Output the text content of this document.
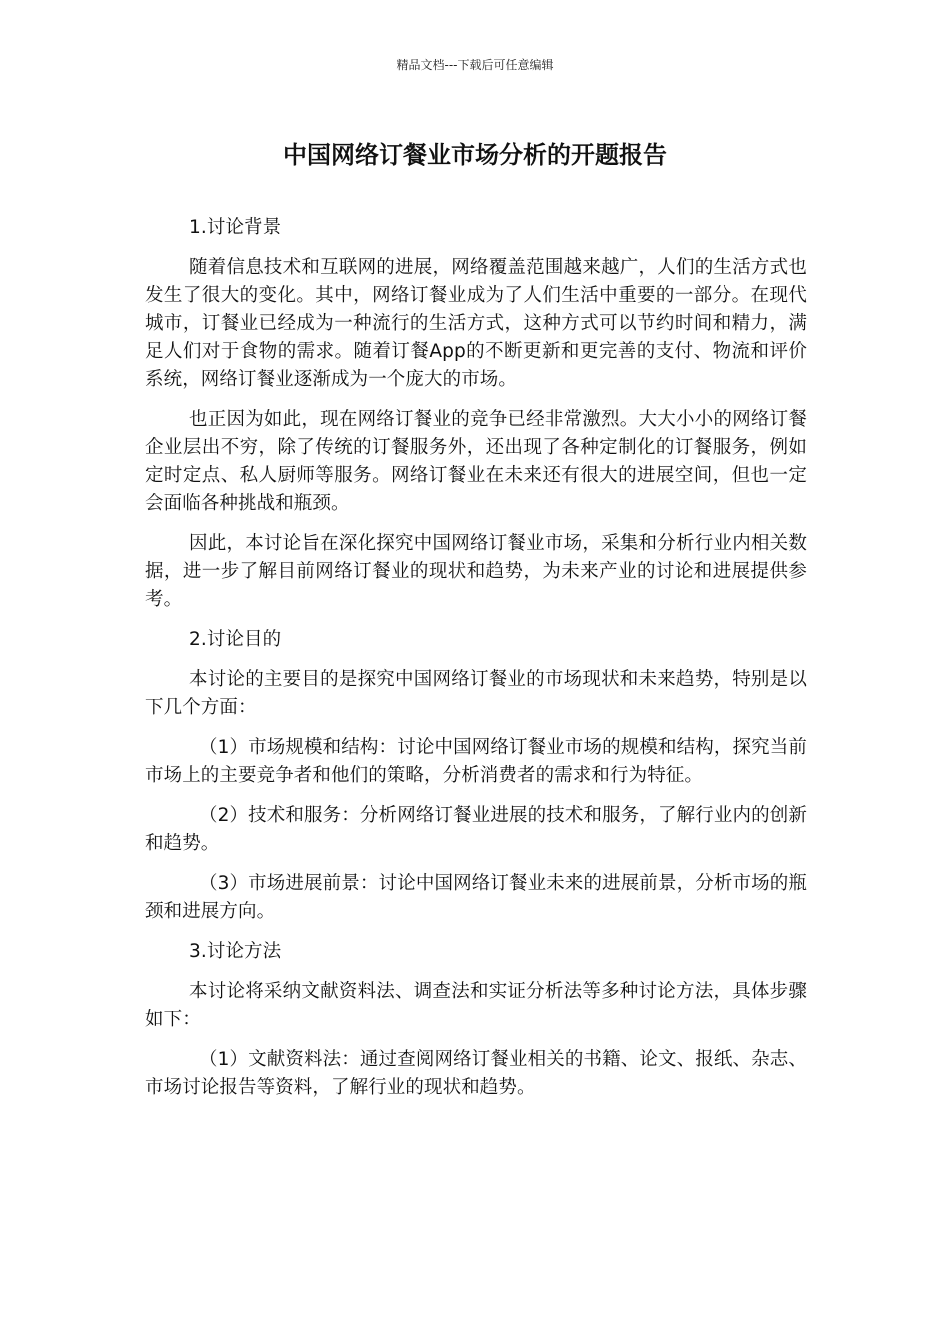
精品文档---下载后可任意编辑
中国网络订餐业市场分析的开题报告

1.讨论背景

随着信息技术和互联网的进展，网络覆盖范围越来越广，人们的生活方式也发生了很大的变化。其中，网络订餐业成为了人们生活中重要的一部分。在现代城市，订餐业已经成为一种流行的生活方式，这种方式可以节约时间和精力，满足人们对于食物的需求。随着订餐App的不断更新和更完善的支付、物流和评价系统，网络订餐业逐渐成为一个庞大的市场。

也正因为如此，现在网络订餐业的竞争已经非常激烈。大大小小的网络订餐企业层出不穷，除了传统的订餐服务外，还出现了各种定制化的订餐服务，例如定时定点、私人厨师等服务。网络订餐业在未来还有很大的进展空间，但也一定会面临各种挑战和瓶颈。

因此，本讨论旨在深化探究中国网络订餐业市场，采集和分析行业内相关数据，进一步了解目前网络订餐业的现状和趋势，为未来产业的讨论和进展提供参考。

2.讨论目的

本讨论的主要目的是探究中国网络订餐业的市场现状和未来趋势，特别是以下几个方面：

（1）市场规模和结构：讨论中国网络订餐业市场的规模和结构，探究当前市场上的主要竞争者和他们的策略，分析消费者的需求和行为特征。

（2）技术和服务：分析网络订餐业进展的技术和服务，了解行业内的创新和趋势。

（3）市场进展前景：讨论中国网络订餐业未来的进展前景，分析市场的瓶颈和进展方向。

3.讨论方法

本讨论将采纳文献资料法、调查法和实证分析法等多种讨论方法，具体步骤如下：

（1）文献资料法：通过查阅网络订餐业相关的书籍、论文、报纸、杂志、市场讨论报告等资料，了解行业的现状和趋势。
